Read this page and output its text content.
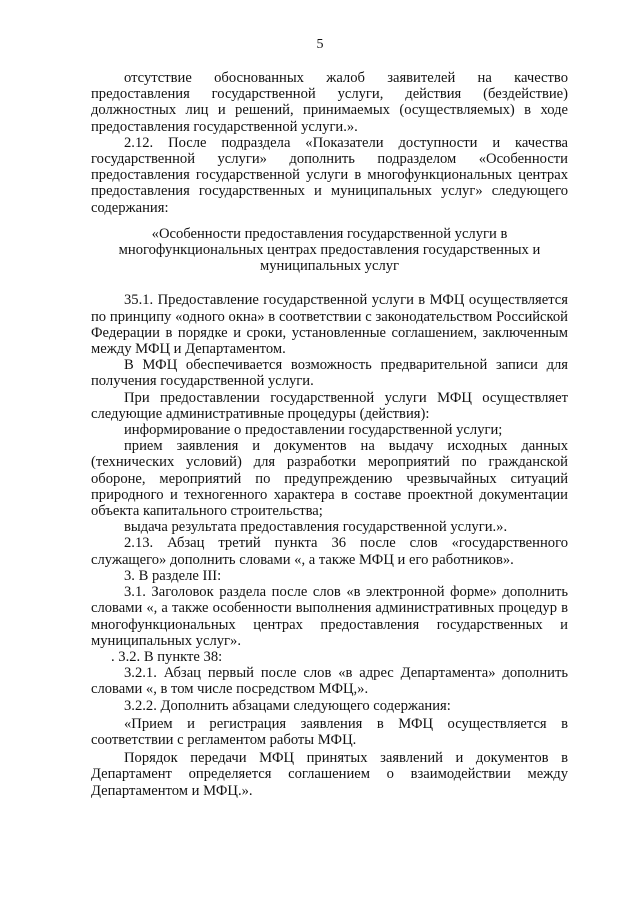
5

отсутствие обоснованных жалоб заявителей на качество предоставления государственной услуги, действия (бездействие) должностных лиц и решений, принимаемых (осуществляемых) в ходе предоставления государственной услуги.».

2.12. После подраздела «Показатели доступности и качества государственной услуги» дополнить подразделом «Особенности предоставления государственной услуги в многофункциональных центрах предоставления государственных и муниципальных услуг» следующего содержания:

«Особенности предоставления государственной услуги в многофункциональных центрах предоставления государственных и муниципальных услуг

35.1. Предоставление государственной услуги в МФЦ осуществляется по принципу «одного окна» в соответствии с законодательством Российской Федерации в порядке и сроки, установленные соглашением, заключенным между МФЦ и Департаментом.

В МФЦ обеспечивается возможность предварительной записи для получения государственной услуги.

При предоставлении государственной услуги МФЦ осуществляет следующие административные процедуры (действия):

информирование о предоставлении государственной услуги;

прием заявления и документов на выдачу исходных данных (технических условий) для разработки мероприятий по гражданской обороне, мероприятий по предупреждению чрезвычайных ситуаций природного и техногенного характера в составе проектной документации объекта капитального строительства;

выдача результата предоставления государственной услуги.».

2.13. Абзац третий пункта 36 после слов «государственного служащего» дополнить словами «, а также МФЦ и его работников».

3. В разделе III:

3.1. Заголовок раздела после слов «в электронной форме» дополнить словами «, а также особенности выполнения административных процедур в многофункциональных центрах предоставления государственных и муниципальных услуг».

. 3.2. В пункте 38:

3.2.1. Абзац первый после слов «в адрес Департамента» дополнить словами «, в том числе посредством МФЦ,».

3.2.2. Дополнить абзацами следующего содержания:

«Прием и регистрация заявления в МФЦ осуществляется в соответствии с регламентом работы МФЦ.

Порядок передачи МФЦ принятых заявлений и документов в Департамент определяется соглашением о взаимодействии между Департаментом и МФЦ.».
